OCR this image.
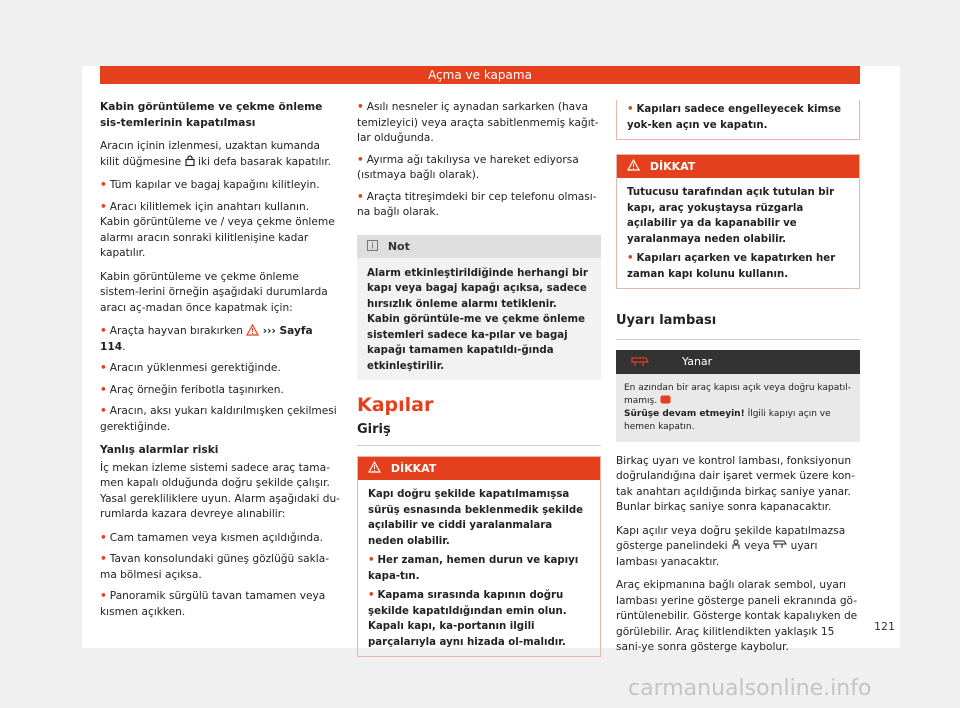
Açma ve kapama

Kabin görüntüleme ve çekme önleme sis-temlerinin kapatılması

Aracın içinin izlenmesi, uzaktan kumanda kilit düğmesine iki defa basarak kapatılır.

• Tüm kapılar ve bagaj kapağını kilitleyin.
• Aracı kilitlemek için anahtarı kullanın. Kabin görüntüleme ve / veya çekme önleme alarmı aracın sonraki kilitlenişine kadar kapatılır.

Kabin görüntüleme ve çekme önleme sistem-lerini örneğin aşağıdaki durumlarda aracı aç-madan önce kapatmak için:

• Araçta hayvan bırakırken ››› Sayfa 114.
• Aracın yüklenmesi gerektiğinde.
• Araç örneğin feribotla taşınırken.
• Aracın, aksı yukarı kaldırılmışken çekilmesi gerektiğinde.

Yanlış alarmlar riski

İç mekan izleme sistemi sadece araç tama-men kapalı olduğunda doğru şekilde çalışır. Yasal gerekliliklere uyun. Alarm aşağıdaki du-rumlarda kazara devreye alınabilir:

• Cam tamamen veya kısmen açıldığında.
• Tavan konsolundaki güneş gözlüğü sakla-ma bölmesi açıksa.
• Panoramik sürgülü tavan tamamen veya kısmen açıkken.
• Asılı nesneler iç aynadan sarkarken (hava temizleyici) veya araçta sabitlenmemiş kağıt-lar olduğunda.
• Ayırma ağı takılıysa ve hareket ediyorsa (ısıtmaya bağlı olarak).
• Araçta titreşimdeki bir cep telefonu olması-na bağlı olarak.
Not
Alarm etkinleştirildiğinde herhangi bir kapı veya bagaj kapağı açıksa, sadece hırsızlık önleme alarmı tetiklenir. Kabin görüntüle-me ve çekme önleme sistemleri sadece ka-pılar ve bagaj kapağı tamamen kapatıldı-ğında etkinleştirilir.
Kapılar
Giriş
DİKKAT
Kapı doğru şekilde kapatılmamışsa sürüş esnasında beklenmedik şekilde açılabilir ve ciddi yaralanmalara neden olabilir.
• Her zaman, hemen durun ve kapıyı kapa-tın.
• Kapama sırasında kapının doğru şekilde kapatıldığından emin olun. Kapalı kapı, ka-portanın ilgili parçalarıyla aynı hizada ol-malıdır.
• Kapıları sadece engelleyecek kimse yok-ken açın ve kapatın.
DİKKAT
Tutucusu tarafından açık tutulan bir kapı, araç yokuştaysa rüzgarla açılabilir ya da kapanabilir ve yaralanmaya neden olabilir.
• Kapıları açarken ve kapatırken her zaman kapı kolunu kullanın.
Uyarı lambası
Yanar
En azından bir araç kapısı açık veya doğru kapatıl-mamış.
Sürüşe devam etmeyin! İlgili kapıyı açın ve hemen kapatın.

Birkaç uyarı ve kontrol lambası, fonksiyonun doğrulandığına dair işaret vermek üzere kon-tak anahtarı açıldığında birkaç saniye yanar. Bunlar birkaç saniye sonra kapanacaktır.

Kapı açılır veya doğru şekilde kapatılmazsa gösterge panelindeki veya uyarı lambası yanacaktır.

Araç ekipmanına bağlı olarak sembol, uyarı lambası yerine gösterge paneli ekranında gö-rüntülenebilir. Gösterge kontak kapalıyken de görülebilir. Araç kilitlendikten yaklaşık 15 sani-ye sonra gösterge kaybolur.

121
carmanualsonline.info
